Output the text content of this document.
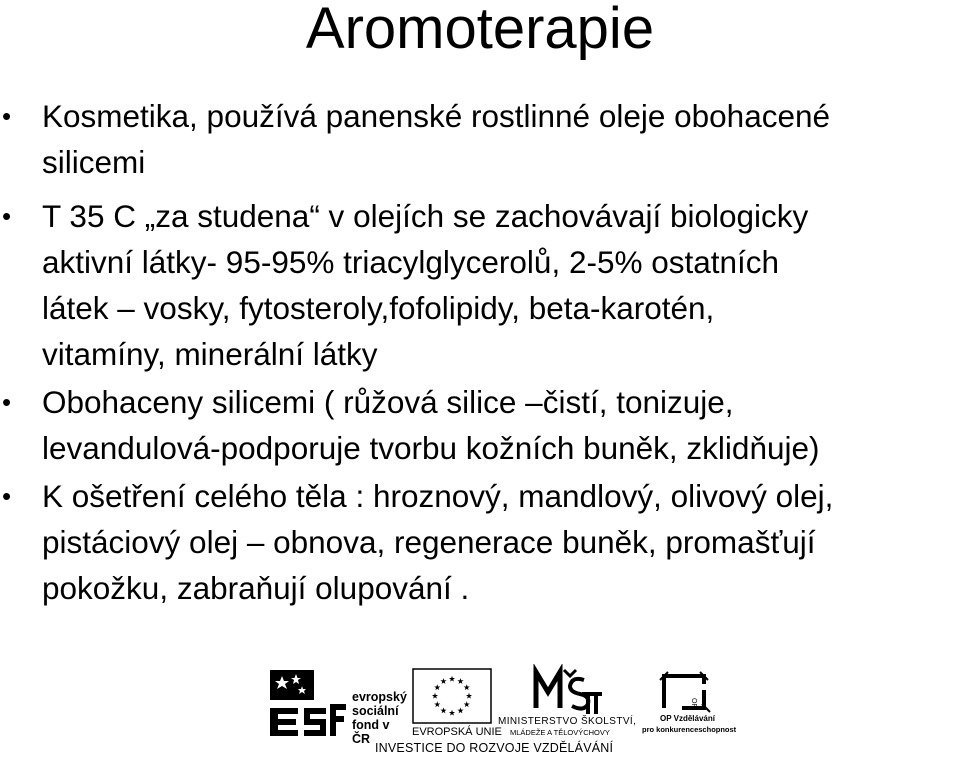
Aromoterapie
• Kosmetika, používá panenské rostlinné oleje obohacené
silicemi
• T 35 C „za studena“ v olejích se zachovávají biologicky
aktivní látky- 95-95% triacylglycerolů, 2-5% ostatních
látek – vosky, fytosteroly,fofolipidy, beta-karotén,
vitamíny, minerální látky
• Obohaceny silicemi ( růžová silice –čistí, tonizuje,
levandulová-podporuje tvorbu kožních buněk, zklidňuje)
• K ošetření celého těla : hroznový, mandlový, olivový olej,
pistáciový olej – obnova, regenerace buněk, promašťují
pokožku, zabraňují olupování .
evropský sociální fond v ČR	EVROPSKÁ UNIE
MINISTERSTVO ŠKOLSTVÍ,
MLÁDEŽE A TĚLOVÝCHOVY
OP
OP Vzdělávání
pro konkurenceschopnost
INVESTICE DO ROZVOJE VZDĚLÁVÁNÍ
